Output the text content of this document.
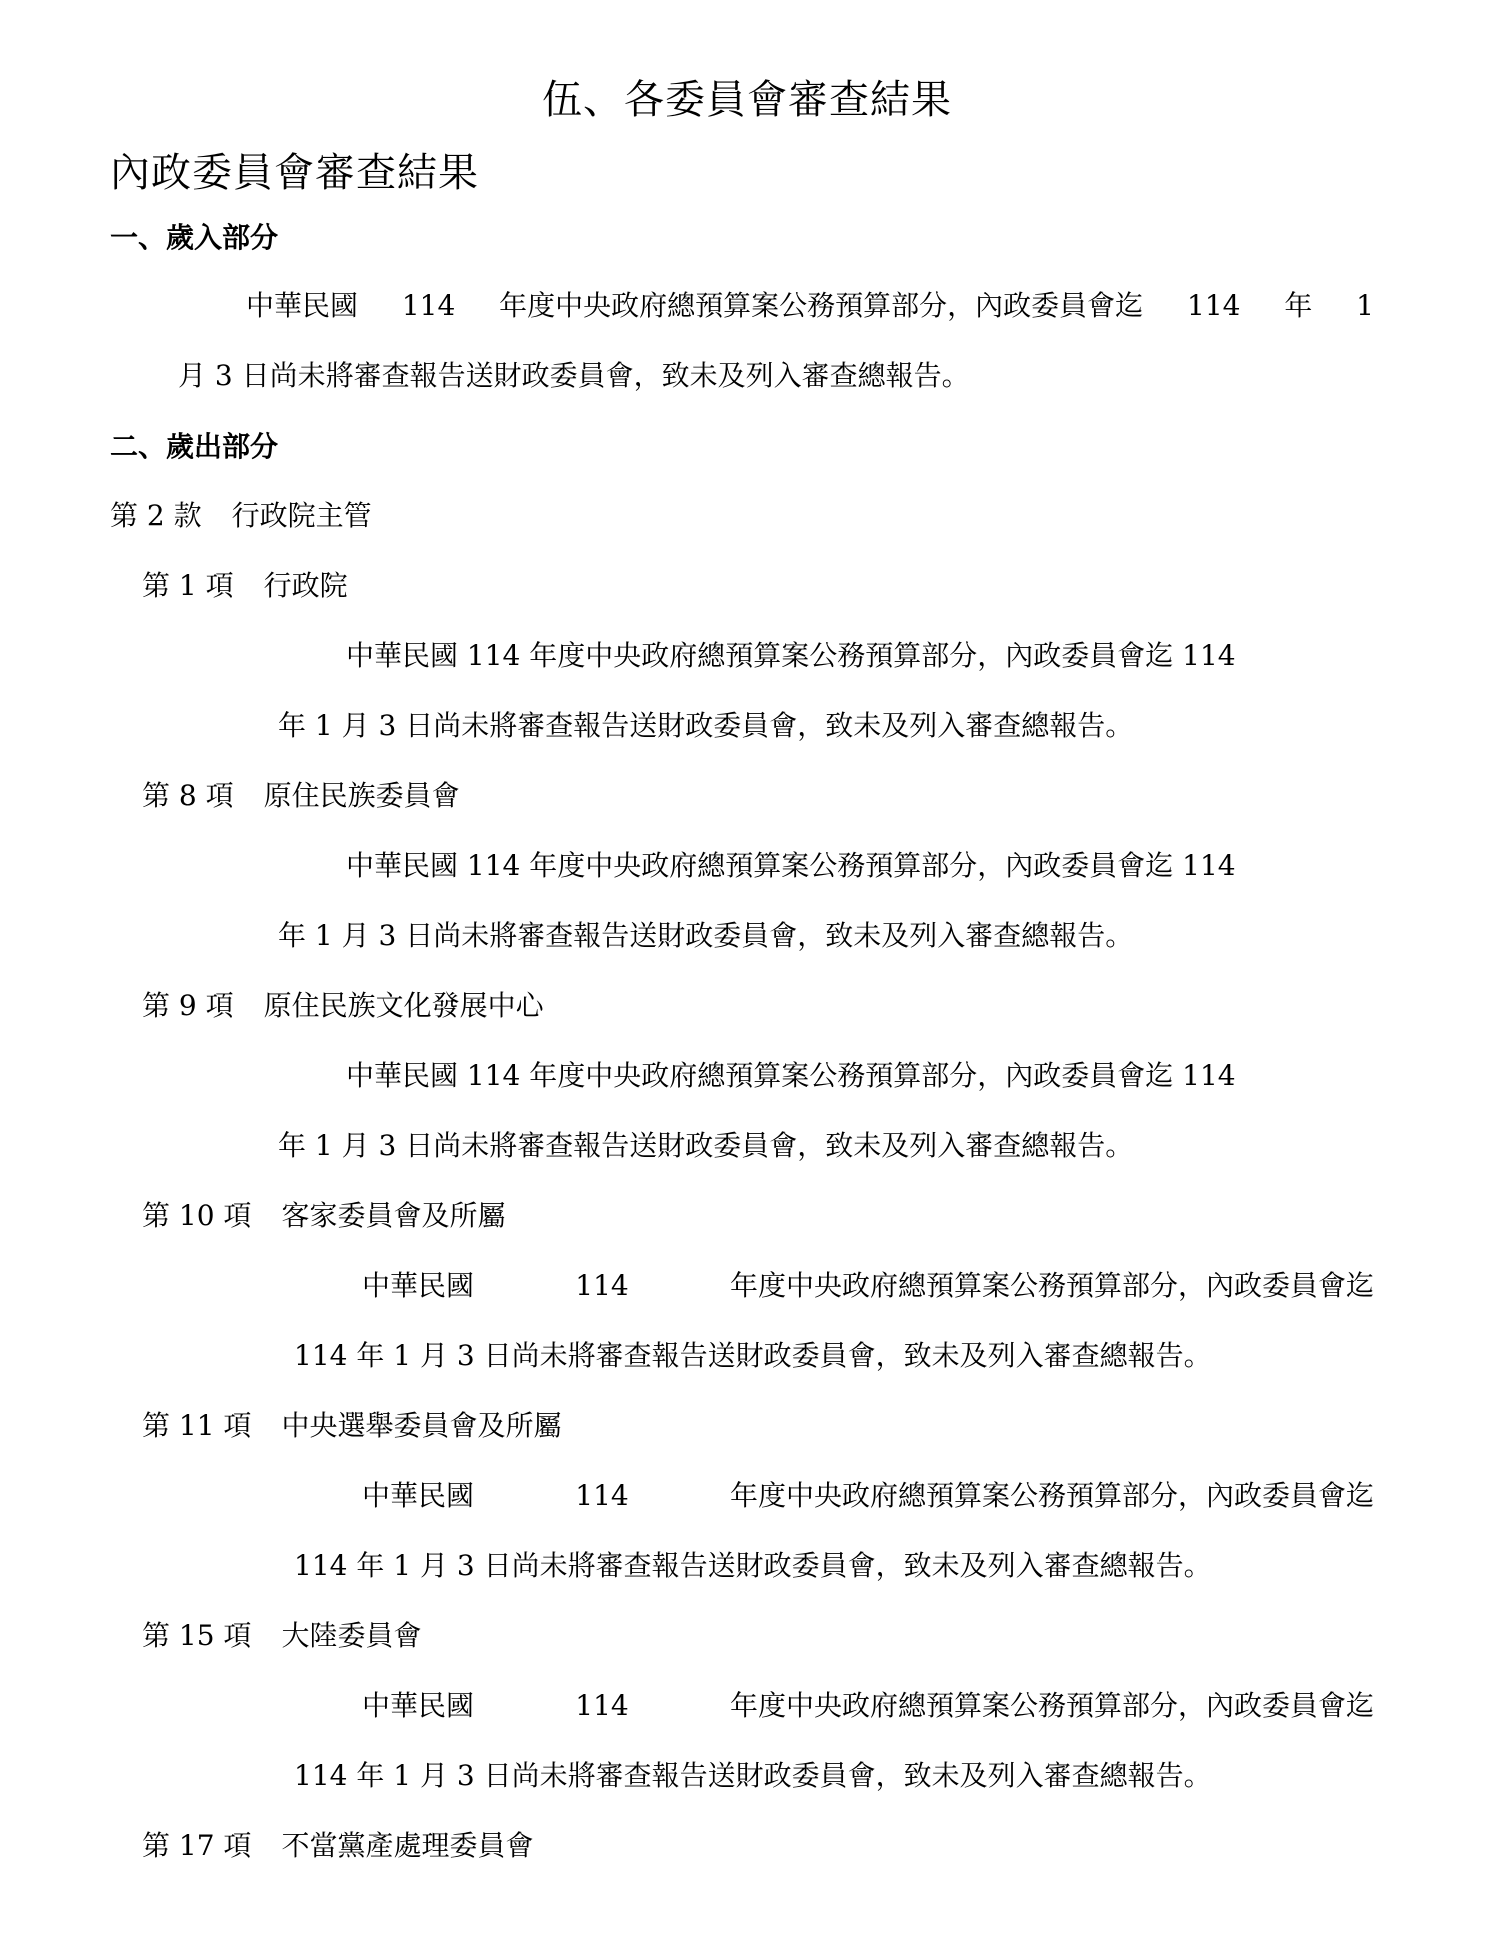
伍、各委員會審查結果
內政委員會審查結果
一、歲入部分
中華民國 114 年度中央政府總預算案公務預算部分，內政委員會迄 114 年 1
月 3 日尚未將審查報告送財政委員會，致未及列入審查總報告。
二、歲出部分
第 2 款 行政院主管
第 1 項 行政院
中華民國 114 年度中央政府總預算案公務預算部分，內政委員會迄 114
年 1 月 3 日尚未將審查報告送財政委員會，致未及列入審查總報告。
第 8 項 原住民族委員會
中華民國 114 年度中央政府總預算案公務預算部分，內政委員會迄 114
年 1 月 3 日尚未將審查報告送財政委員會，致未及列入審查總報告。
第 9 項 原住民族文化發展中心
中華民國 114 年度中央政府總預算案公務預算部分，內政委員會迄 114
年 1 月 3 日尚未將審查報告送財政委員會，致未及列入審查總報告。
第 10 項 客家委員會及所屬
中華民國	114	年度中央政府總預算案公務預算部分，內政委員會迄
114 年 1 月 3 日尚未將審查報告送財政委員會，致未及列入審查總報告。
第 11 項 中央選舉委員會及所屬
中華民國	114	年度中央政府總預算案公務預算部分，內政委員會迄
114 年 1 月 3 日尚未將審查報告送財政委員會，致未及列入審查總報告。
第 15 項 大陸委員會
中華民國	114	年度中央政府總預算案公務預算部分，內政委員會迄
114 年 1 月 3 日尚未將審查報告送財政委員會，致未及列入審查總報告。
第 17 項 不當黨產處理委員會
